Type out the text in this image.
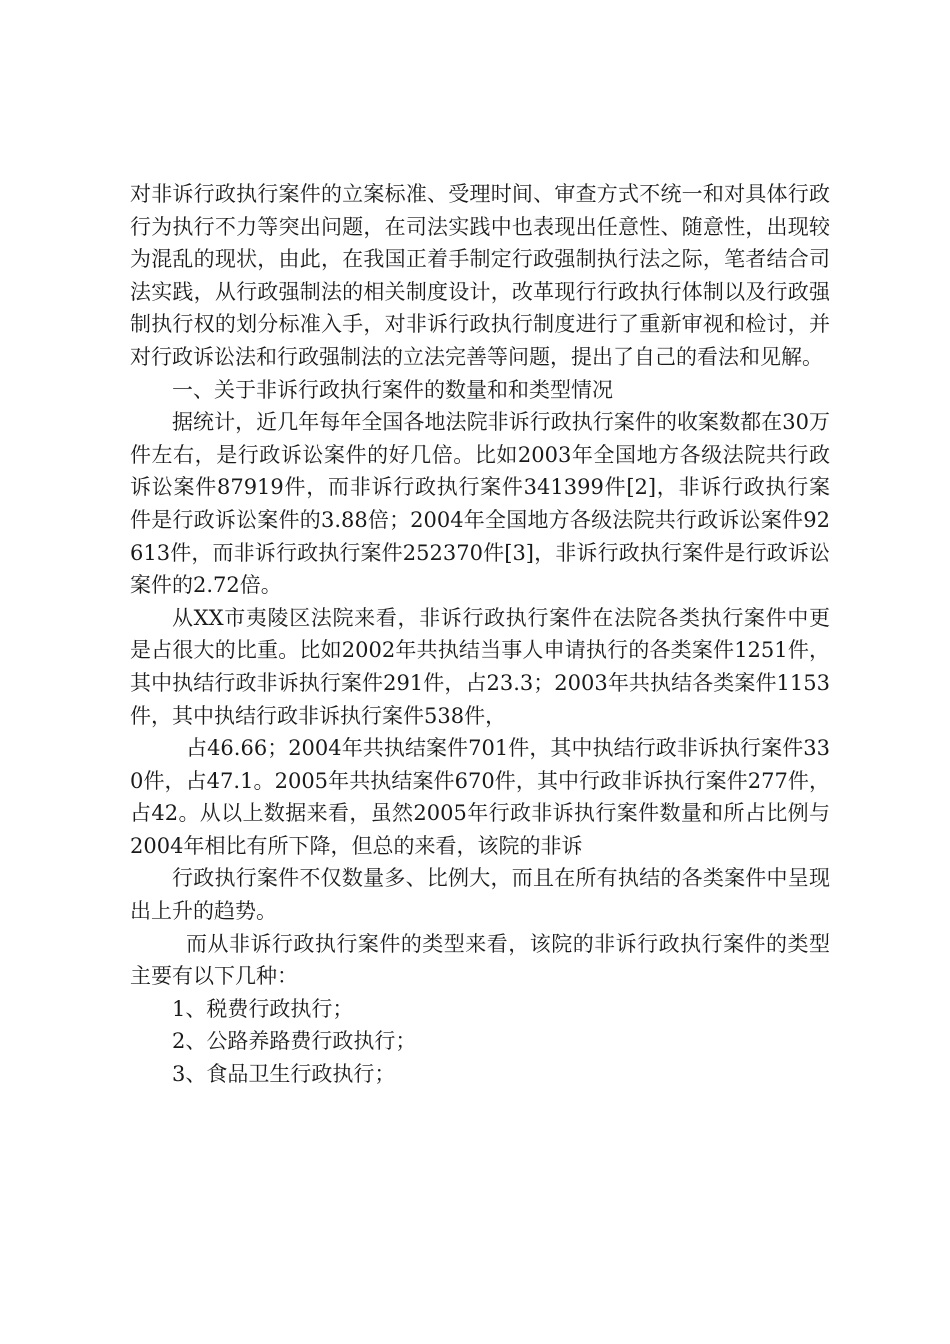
对非诉行政执行案件的立案标准、受理时间、审查方式不统一和对具体行政行为执行不力等突出问题，在司法实践中也表现出任意性、随意性，出现较为混乱的现状，由此，在我国正着手制定行政强制执行法之际，笔者结合司法实践，从行政强制法的相关制度设计，改革现行行政执行体制以及行政强制执行权的划分标准入手，对非诉行政执行制度进行了重新审视和检讨，并对行政诉讼法和行政强制法的立法完善等问题，提出了自己的看法和见解。

一、关于非诉行政执行案件的数量和和类型情况

据统计，近几年每年全国各地法院非诉行政执行案件的收案数都在30万件左右，是行政诉讼案件的好几倍。比如2003年全国地方各级法院共行政诉讼案件87919件，而非诉行政执行案件341399件[2]，非诉行政执行案件是行政诉讼案件的3.88倍；2004年全国地方各级法院共行政诉讼案件92613件，而非诉行政执行案件252370件[3]，非诉行政执行案件是行政诉讼案件的2.72倍。

从XX市夷陵区法院来看，非诉行政执行案件在法院各类执行案件中更是占很大的比重。比如2002年共执结当事人申请执行的各类案件1251件，其中执结行政非诉执行案件291件，占23.3；2003年共执结各类案件1153件，其中执结行政非诉执行案件538件，

占46.66；2004年共执结案件701件，其中执结行政非诉执行案件330件，占47.1。2005年共执结案件670件，其中行政非诉执行案件277件，占42。从以上数据来看，虽然2005年行政非诉执行案件数量和所占比例与2004年相比有所下降，但总的来看，该院的非诉

行政执行案件不仅数量多、比例大，而且在所有执结的各类案件中呈现出上升的趋势。

而从非诉行政执行案件的类型来看，该院的非诉行政执行案件的类型主要有以下几种：

1、税费行政执行；

2、公路养路费行政执行；

3、食品卫生行政执行；
